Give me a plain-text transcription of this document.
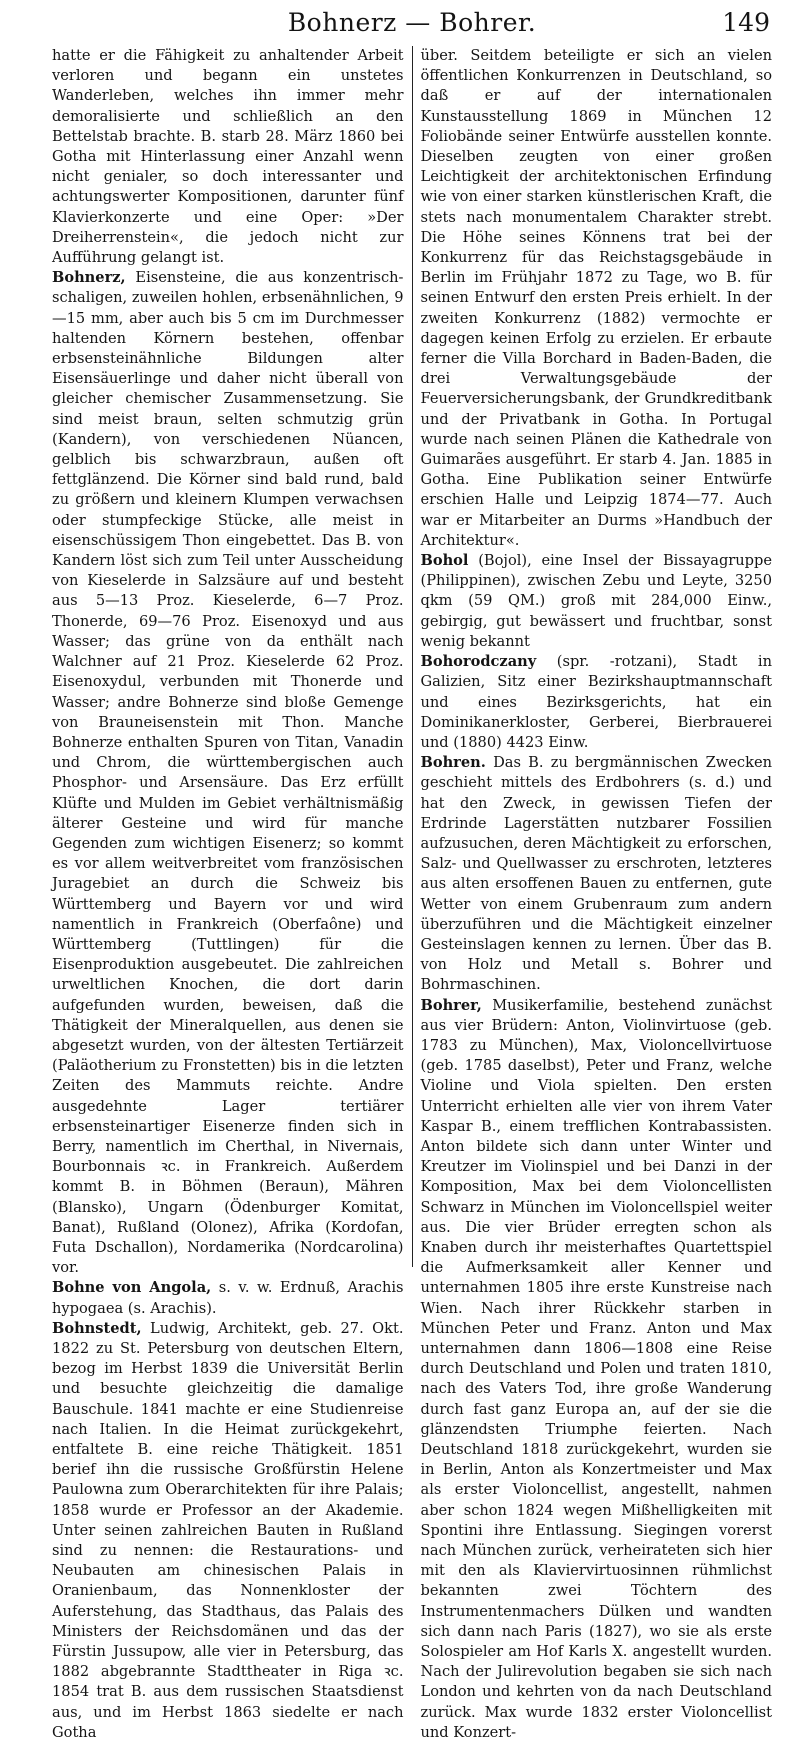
Bohnerz — Bohrer.	149

hatte er die Fähigkeit zu anhaltender Arbeit verloren und begann ein unstetes Wanderleben, welches ihn immer mehr demoralisierte und schließlich an den Bettelstab brachte. B. starb 28. März 1860 bei Gotha mit Hinterlassung einer Anzahl wenn nicht genialer, so doch interessanter und achtungswerter Kompositionen, darunter fünf Klavierkonzerte und eine Oper: »Der Dreiherrenstein«, die jedoch nicht zur Aufführung gelangt ist.

Bohnerz, Eisensteine, die aus konzentrisch-schaligen, zuweilen hohlen, erbsenähnlichen, 9—15 mm, aber auch bis 5 cm im Durchmesser haltenden Körnern bestehen, offenbar erbsensteinähnliche Bildungen alter Eisensäuerlinge und daher nicht überall von gleicher chemischer Zusammensetzung. Sie sind meist braun, selten schmutzig grün (Kandern), von verschiedenen Nüancen, gelblich bis schwarzbraun, außen oft fettglänzend. Die Körner sind bald rund, bald zu größern und kleinern Klumpen verwachsen oder stumpfeckige Stücke, alle meist in eisenschüssigem Thon eingebettet. Das B. von Kandern löst sich zum Teil unter Ausscheidung von Kieselerde in Salzsäure auf und besteht aus 5—13 Proz. Kieselerde, 6—7 Proz. Thonerde, 69—76 Proz. Eisenoxyd und aus Wasser; das grüne von da enthält nach Walchner auf 21 Proz. Kieselerde 62 Proz. Eisenoxydul, verbunden mit Thonerde und Wasser; andre Bohnerze sind bloße Gemenge von Brauneisenstein mit Thon. Manche Bohnerze enthalten Spuren von Titan, Vanadin und Chrom, die württembergischen auch Phosphor- und Arsensäure. Das Erz erfüllt Klüfte und Mulden im Gebiet verhältnismäßig älterer Gesteine und wird für manche Gegenden zum wichtigen Eisenerz; so kommt es vor allem weitverbreitet vom französischen Juragebiet an durch die Schweiz bis Württemberg und Bayern vor und wird namentlich in Frankreich (Oberfaône) und Württemberg (Tuttlingen) für die Eisenproduktion ausgebeutet. Die zahlreichen urweltlichen Knochen, die dort darin aufgefunden wurden, beweisen, daß die Thätigkeit der Mineralquellen, aus denen sie abgesetzt wurden, von der ältesten Tertiärzeit (Paläotherium zu Fronstetten) bis in die letzten Zeiten des Mammuts reichte. Andre ausgedehnte Lager tertiärer erbsensteinartiger Eisenerze finden sich in Berry, namentlich im Cherthal, in Nivernais, Bourbonnais ꝛc. in Frankreich. Außerdem kommt B. in Böhmen (Beraun), Mähren (Blansko), Ungarn (Ödenburger Komitat, Banat), Rußland (Olonez), Afrika (Kordofan, Futa Dschallon), Nordamerika (Nordcarolina) vor.

Bohne von Angola, s. v. w. Erdnuß, Arachis hypogaea (s. Arachis).

Bohnstedt, Ludwig, Architekt, geb. 27. Okt. 1822 zu St. Petersburg von deutschen Eltern, bezog im Herbst 1839 die Universität Berlin und besuchte gleichzeitig die damalige Bauschule. 1841 machte er eine Studienreise nach Italien. In die Heimat zurückgekehrt, entfaltete B. eine reiche Thätigkeit. 1851 berief ihn die russische Großfürstin Helene Paulowna zum Oberarchitekten für ihre Palais; 1858 wurde er Professor an der Akademie. Unter seinen zahlreichen Bauten in Rußland sind zu nennen: die Restaurations- und Neubauten am chinesischen Palais in Oranienbaum, das Nonnenkloster der Auferstehung, das Stadthaus, das Palais des Ministers der Reichsdomänen und das der Fürstin Jussupow, alle vier in Petersburg, das 1882 abgebrannte Stadttheater in Riga ꝛc. 1854 trat B. aus dem russischen Staatsdienst aus, und im Herbst 1863 siedelte er nach Gotha

über. Seitdem beteiligte er sich an vielen öffentlichen Konkurrenzen in Deutschland, so daß er auf der internationalen Kunstausstellung 1869 in München 12 Foliobände seiner Entwürfe ausstellen konnte. Dieselben zeugten von einer großen Leichtigkeit der architektonischen Erfindung wie von einer starken künstlerischen Kraft, die stets nach monumentalem Charakter strebt. Die Höhe seines Könnens trat bei der Konkurrenz für das Reichstagsgebäude in Berlin im Frühjahr 1872 zu Tage, wo B. für seinen Entwurf den ersten Preis erhielt. In der zweiten Konkurrenz (1882) vermochte er dagegen keinen Erfolg zu erzielen. Er erbaute ferner die Villa Borchard in Baden-Baden, die drei Verwaltungsgebäude der Feuerversicherungsbank, der Grundkreditbank und der Privatbank in Gotha. In Portugal wurde nach seinen Plänen die Kathedrale von Guimarães ausgeführt. Er starb 4. Jan. 1885 in Gotha. Eine Publikation seiner Entwürfe erschien Halle und Leipzig 1874—77. Auch war er Mitarbeiter an Durms »Handbuch der Architektur«.

Bohol (Bojol), eine Insel der Bissayagruppe (Philippinen), zwischen Zebu und Leyte, 3250 qkm (59 QM.) groß mit 284,000 Einw., gebirgig, gut bewässert und fruchtbar, sonst wenig bekannt

Bohorodczany (spr. -rotzani), Stadt in Galizien, Sitz einer Bezirkshauptmannschaft und eines Bezirksgerichts, hat ein Dominikanerkloster, Gerberei, Bierbrauerei und (1880) 4423 Einw.

Bohren. Das B. zu bergmännischen Zwecken geschieht mittels des Erdbohrers (s. d.) und hat den Zweck, in gewissen Tiefen der Erdrinde Lagerstätten nutzbarer Fossilien aufzusuchen, deren Mächtigkeit zu erforschen, Salz- und Quellwasser zu erschroten, letzteres aus alten ersoffenen Bauen zu entfernen, gute Wetter von einem Grubenraum zum andern überzuführen und die Mächtigkeit einzelner Gesteinslagen kennen zu lernen. Über das B. von Holz und Metall s. Bohrer und Bohrmaschinen.

Bohrer, Musikerfamilie, bestehend zunächst aus vier Brüdern: Anton, Violinvirtuose (geb. 1783 zu München), Max, Violoncellvirtuose (geb. 1785 daselbst), Peter und Franz, welche Violine und Viola spielten. Den ersten Unterricht erhielten alle vier von ihrem Vater Kaspar B., einem trefflichen Kontrabassisten. Anton bildete sich dann unter Winter und Kreutzer im Violinspiel und bei Danzi in der Komposition, Max bei dem Violoncellisten Schwarz in München im Violoncellspiel weiter aus. Die vier Brüder erregten schon als Knaben durch ihr meisterhaftes Quartettspiel die Aufmerksamkeit aller Kenner und unternahmen 1805 ihre erste Kunstreise nach Wien. Nach ihrer Rückkehr starben in München Peter und Franz. Anton und Max unternahmen dann 1806—1808 eine Reise durch Deutschland und Polen und traten 1810, nach des Vaters Tod, ihre große Wanderung durch fast ganz Europa an, auf der sie die glänzendsten Triumphe feierten. Nach Deutschland 1818 zurückgekehrt, wurden sie in Berlin, Anton als Konzertmeister und Max als erster Violoncellist, angestellt, nahmen aber schon 1824 wegen Mißhelligkeiten mit Spontini ihre Entlassung. Siegingen vorerst nach München zurück, verheirateten sich hier mit den als Klaviervirtuosinnen rühmlichst bekannten zwei Töchtern des Instrumentenmachers Dülken und wandten sich dann nach Paris (1827), wo sie als erste Solospieler am Hof Karls X. angestellt wurden. Nach der Julirevolution begaben sie sich nach London und kehrten von da nach Deutschland zurück. Max wurde 1832 erster Violoncellist und Konzert-
